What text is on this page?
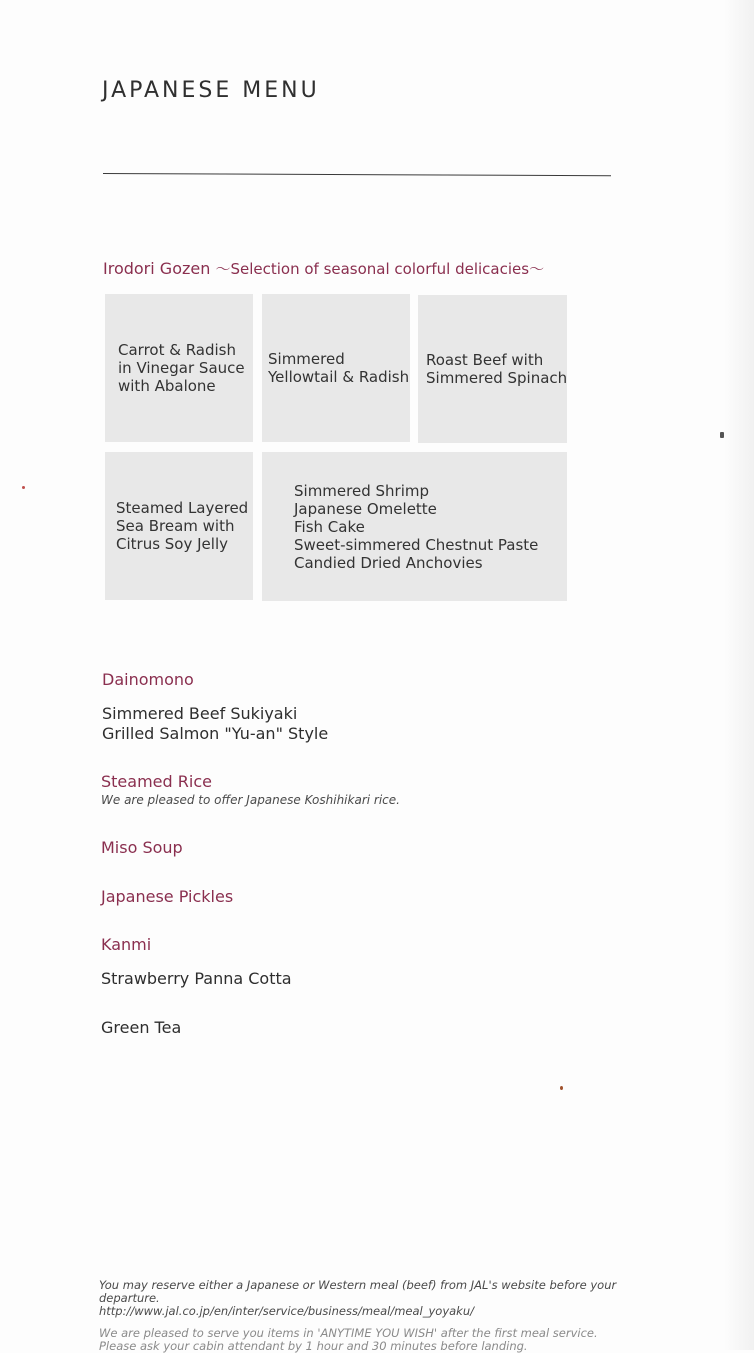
JAPANESE MENU
Irodori Gozen ～Selection of seasonal colorful delicacies～
Carrot & Radish
in Vinegar Sauce
with Abalone
Simmered
Yellowtail & Radish
Roast Beef with
Simmered Spinach
Steamed Layered
Sea Bream with
Citrus Soy Jelly
Simmered Shrimp
Japanese Omelette
Fish Cake
Sweet-simmered Chestnut Paste
Candied Dried Anchovies
Dainomono
Simmered Beef Sukiyaki
Grilled Salmon "Yu-an" Style
Steamed Rice
We are pleased to offer Japanese Koshihikari rice.
Miso Soup
Japanese Pickles
Kanmi
Strawberry Panna Cotta
Green Tea
You may reserve either a Japanese or Western meal (beef) from JAL's website before your
departure.
http://www.jal.co.jp/en/inter/service/business/meal/meal_yoyaku/
We are pleased to serve you items in 'ANYTIME YOU WISH' after the first meal service.
Please ask your cabin attendant by 1 hour and 30 minutes before landing.
